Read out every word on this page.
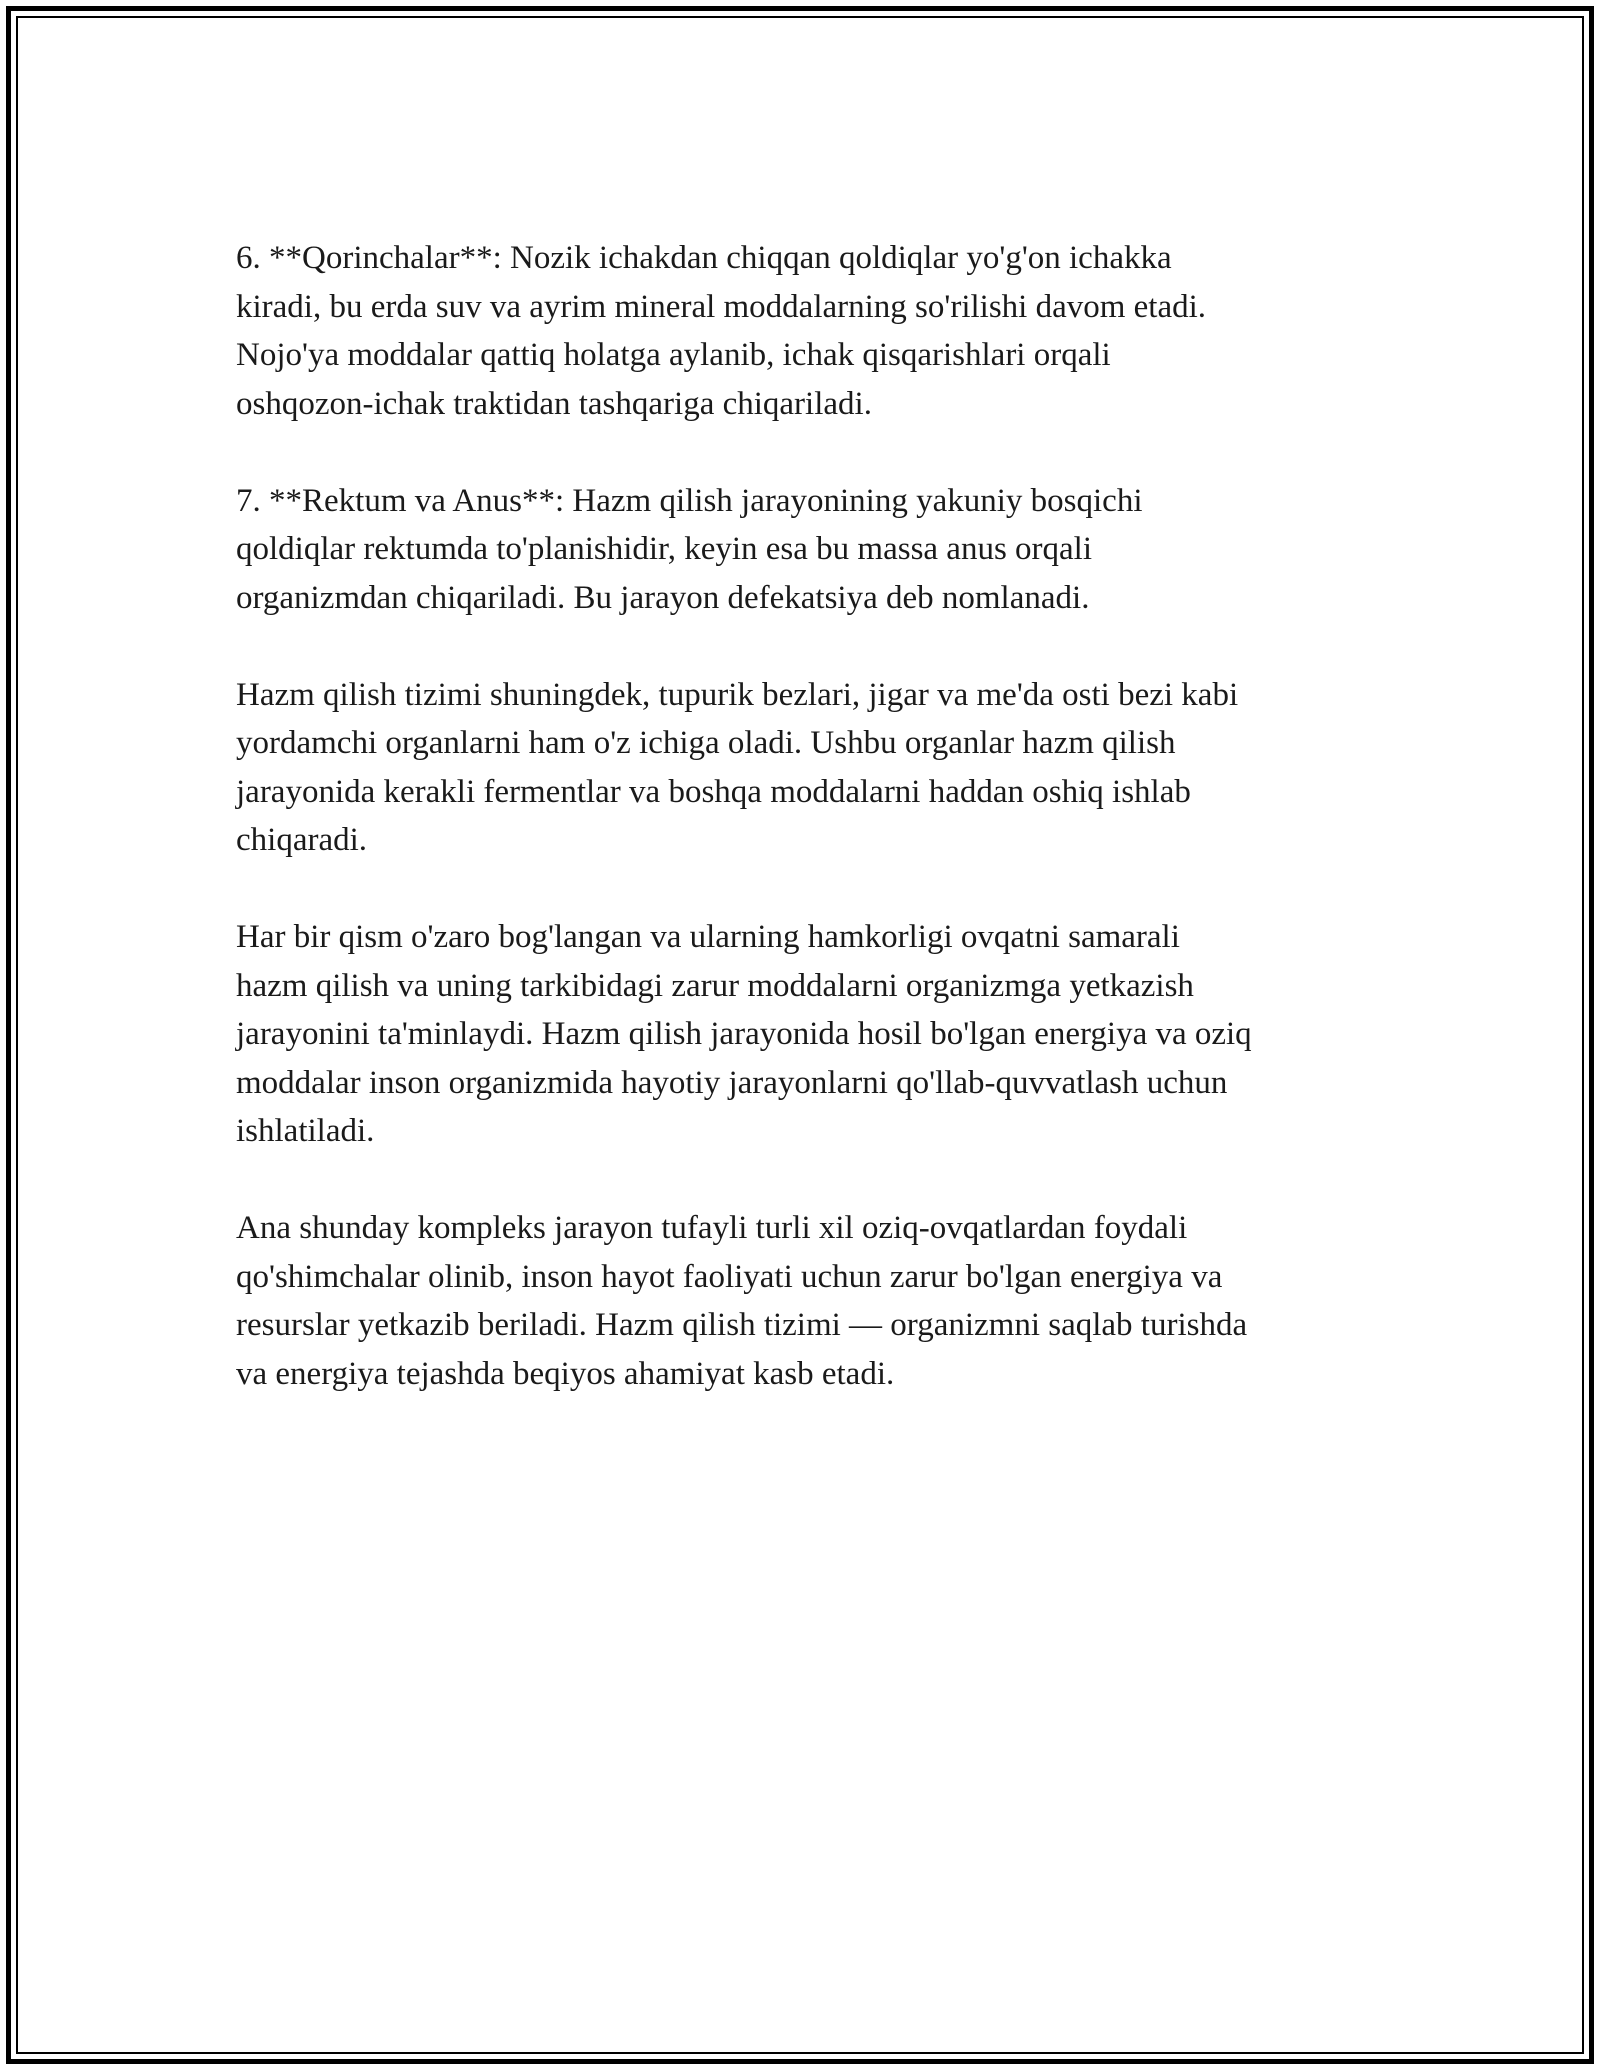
6. **Qorinchalar**: Nozik ichakdan chiqqan qoldiqlar yo'g'on ichakka

kiradi, bu erda suv va ayrim mineral moddalarning so'rilishi davom etadi.

Nojo'ya moddalar qattiq holatga aylanib, ichak qisqarishlari orqali

oshqozon-ichak traktidan tashqariga chiqariladi.

7. **Rektum va Anus**: Hazm qilish jarayonining yakuniy bosqichi

qoldiqlar rektumda to'planishidir, keyin esa bu massa anus orqali

organizmdan chiqariladi. Bu jarayon defekatsiya deb nomlanadi.

Hazm qilish tizimi shuningdek, tupurik bezlari, jigar va me'da osti bezi kabi

yordamchi organlarni ham o'z ichiga oladi. Ushbu organlar hazm qilish

jarayonida kerakli fermentlar va boshqa moddalarni haddan oshiq ishlab

chiqaradi.

Har bir qism o'zaro bog'langan va ularning hamkorligi ovqatni samarali

hazm qilish va uning tarkibidagi zarur moddalarni organizmga yetkazish

jarayonini ta'minlaydi. Hazm qilish jarayonida hosil bo'lgan energiya va oziq

moddalar inson organizmida hayotiy jarayonlarni qo'llab-quvvatlash uchun

ishlatiladi.

Ana shunday kompleks jarayon tufayli turli xil oziq-ovqatlardan foydali

qo'shimchalar olinib, inson hayot faoliyati uchun zarur bo'lgan energiya va

resurslar yetkazib beriladi. Hazm qilish tizimi — organizmni saqlab turishda

va energiya tejashda beqiyos ahamiyat kasb etadi.
